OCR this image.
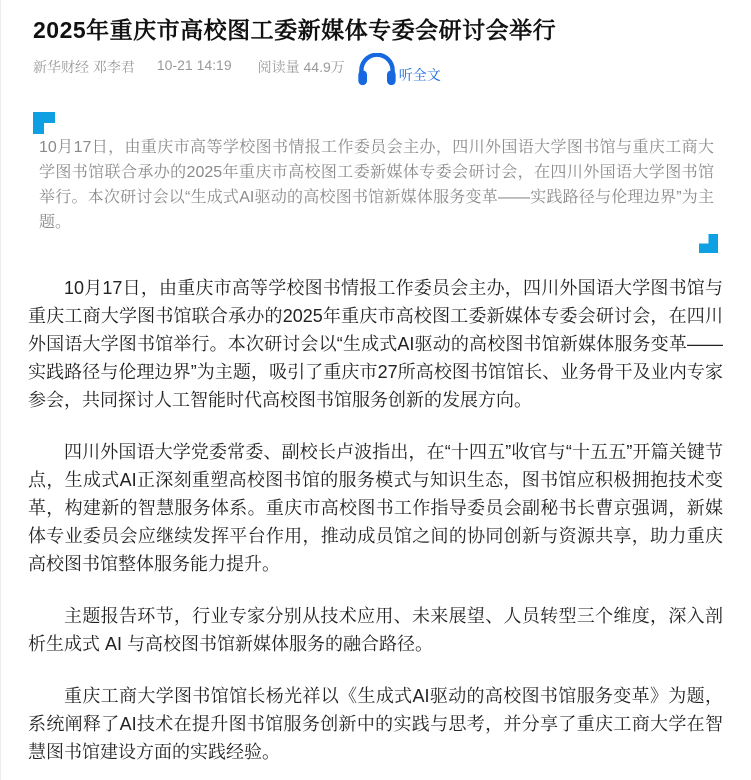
2025年重庆市高校图工委新媒体专委会研讨会举行
新华财经 邓李君 10-21 14:19 阅读量 44.9万	听全文
10月17日，由重庆市高等学校图书情报工作委员会主办，四川外国语大学图书馆与重庆工商大学图书馆联合承办的2025年重庆市高校图工委新媒体专委会研讨会，在四川外国语大学图书馆举行。本次研讨会以“生成式AI驱动的高校图书馆新媒体服务变革——实践路径与伦理边界”为主题。

10月17日，由重庆市高等学校图书情报工作委员会主办，四川外国语大学图书馆与重庆工商大学图书馆联合承办的2025年重庆市高校图工委新媒体专委会研讨会，在四川外国语大学图书馆举行。本次研讨会以“生成式AI驱动的高校图书馆新媒体服务变革——实践路径与伦理边界”为主题，吸引了重庆市27所高校图书馆馆长、业务骨干及业内专家参会，共同探讨人工智能时代高校图书馆服务创新的发展方向。

四川外国语大学党委常委、副校长卢波指出，在“十四五”收官与“十五五”开篇关键节点，生成式AI正深刻重塑高校图书馆的服务模式与知识生态，图书馆应积极拥抱技术变革，构建新的智慧服务体系。重庆市高校图书工作指导委员会副秘书长曹京强调，新媒体专业委员会应继续发挥平台作用，推动成员馆之间的协同创新与资源共享，助力重庆高校图书馆整体服务能力提升。

主题报告环节，行业专家分别从技术应用、未来展望、人员转型三个维度，深入剖析生成式 AI 与高校图书馆新媒体服务的融合路径。

重庆工商大学图书馆馆长杨光祥以《生成式AI驱动的高校图书馆服务变革》为题，系统阐释了AI技术在提升图书馆服务创新中的实践与思考，并分享了重庆工商大学在智慧图书馆建设方面的实践经验。
